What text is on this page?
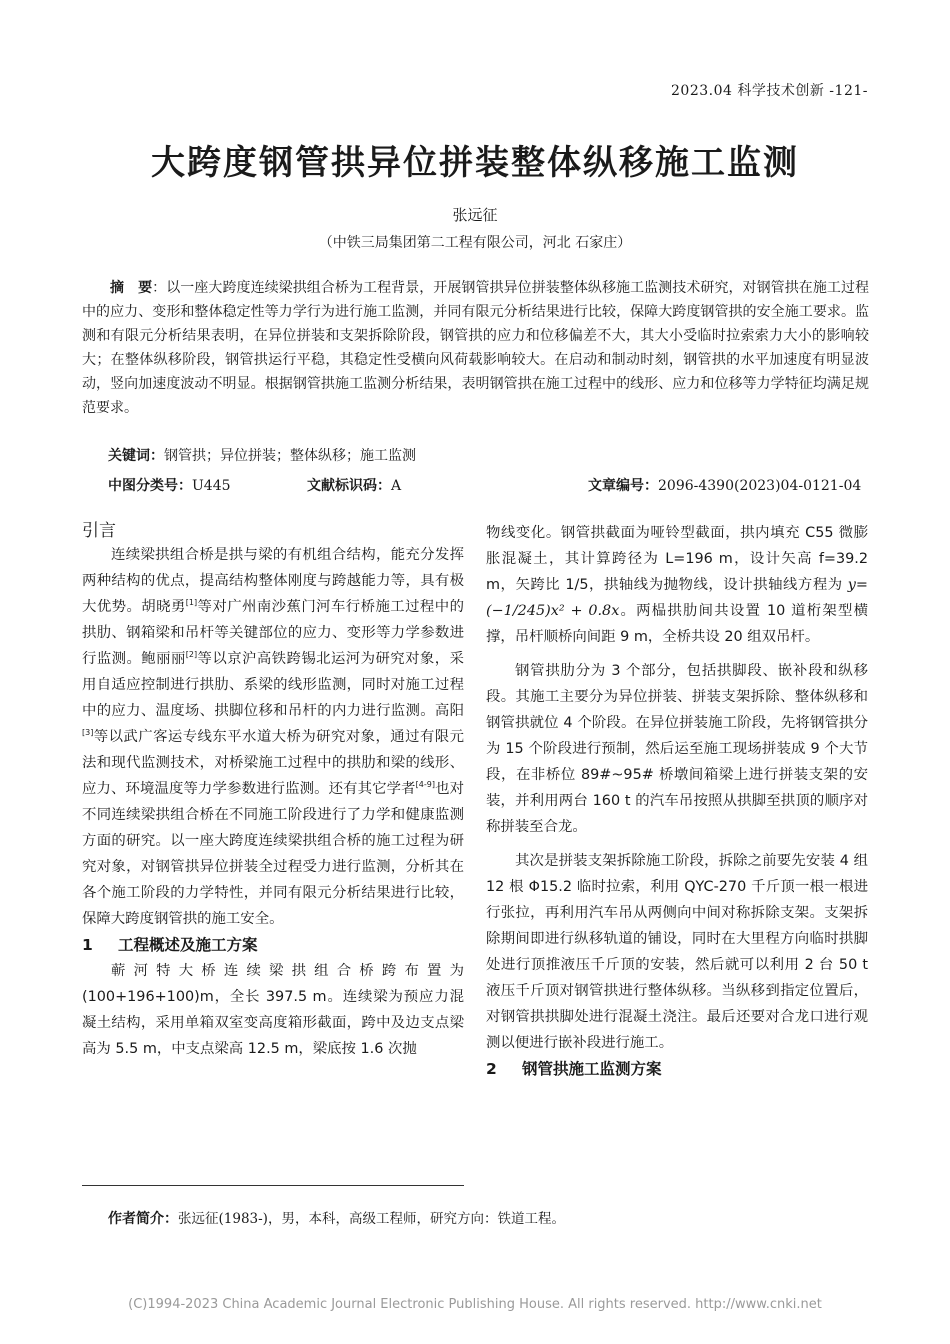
2023.04 科学技术创新 -121-
大跨度钢管拱异位拼装整体纵移施工监测
张远征
（中铁三局集团第二工程有限公司，河北 石家庄）
摘　要：以一座大跨度连续梁拱组合桥为工程背景，开展钢管拱异位拼装整体纵移施工监测技术研究，对钢管拱在施工过程中的应力、变形和整体稳定性等力学行为进行施工监测，并同有限元分析结果进行比较，保障大跨度钢管拱的安全施工要求。监测和有限元分析结果表明，在异位拼装和支架拆除阶段，钢管拱的应力和位移偏差不大，其大小受临时拉索索力大小的影响较大；在整体纵移阶段，钢管拱运行平稳，其稳定性受横向风荷载影响较大。在启动和制动时刻，钢管拱的水平加速度有明显波动，竖向加速度波动不明显。根据钢管拱施工监测分析结果，表明钢管拱在施工过程中的线形、应力和位移等力学特征均满足规范要求。
关键词：钢管拱；异位拼装；整体纵移；施工监测
中图分类号：U445	文献标识码：A	文章编号：2096-4390(2023)04-0121-04

引言

连续梁拱组合桥是拱与梁的有机组合结构，能充分发挥两种结构的优点，提高结构整体刚度与跨越能力等，具有极大优势。胡晓勇[1]等对广州南沙蕉门河车行桥施工过程中的拱肋、钢箱梁和吊杆等关键部位的应力、变形等力学参数进行监测。鲍丽丽[2]等以京沪高铁跨锡北运河为研究对象，采用自适应控制进行拱肋、系梁的线形监测，同时对施工过程中的应力、温度场、拱脚位移和吊杆的内力进行监测。高阳[3]等以武广客运专线东平水道大桥为研究对象，通过有限元法和现代监测技术，对桥梁施工过程中的拱肋和梁的线形、应力、环境温度等力学参数进行监测。还有其它学者[4-9]也对不同连续梁拱组合桥在不同施工阶段进行了力学和健康监测方面的研究。以一座大跨度连续梁拱组合桥的施工过程为研究对象，对钢管拱异位拼装全过程受力进行监测，分析其在各个施工阶段的力学特性，并同有限元分析结果进行比较，保障大跨度钢管拱的施工安全。

1 工程概述及施工方案

蕲河特大桥连续梁拱组合桥跨布置为(100+196+100)m，全长 397.5 m。连续梁为预应力混凝土结构，采用单箱双室变高度箱形截面，跨中及边支点梁高为 5.5 m，中支点梁高 12.5 m，梁底按 1.6 次抛

物线变化。钢管拱截面为哑铃型截面，拱内填充 C55 微膨胀混凝土，其计算跨径为 L=196 m，设计矢高 f=39.2 m，矢跨比 1/5，拱轴线为抛物线，设计拱轴线方程为 y=(−1/245)x² + 0.8x。两榀拱肋间共设置 10 道桁架型横撑，吊杆顺桥向间距 9 m，全桥共设 20 组双吊杆。

钢管拱肋分为 3 个部分，包括拱脚段、嵌补段和纵移段。其施工主要分为异位拼装、拼装支架拆除、整体纵移和钢管拱就位 4 个阶段。在异位拼装施工阶段，先将钢管拱分为 15 个阶段进行预制，然后运至施工现场拼装成 9 个大节段，在非桥位 89#~95# 桥墩间箱梁上进行拼装支架的安装，并利用两台 160 t 的汽车吊按照从拱脚至拱顶的顺序对称拼装至合龙。

其次是拼装支架拆除施工阶段，拆除之前要先安装 4 组 12 根 Φ15.2 临时拉索，利用 QYC-270 千斤顶一根一根进行张拉，再利用汽车吊从两侧向中间对称拆除支架。支架拆除期间即进行纵移轨道的铺设，同时在大里程方向临时拱脚处进行顶推液压千斤顶的安装，然后就可以利用 2 台 50 t 液压千斤顶对钢管拱进行整体纵移。当纵移到指定位置后，对钢管拱拱脚处进行混凝土浇注。最后还要对合龙口进行观测以便进行嵌补段进行施工。

2 钢管拱施工监测方案

作者简介：张远征(1983-)，男，本科，高级工程师，研究方向：铁道工程。
(C)1994-2023 China Academic Journal Electronic Publishing House. All rights reserved. http://www.cnki.net
